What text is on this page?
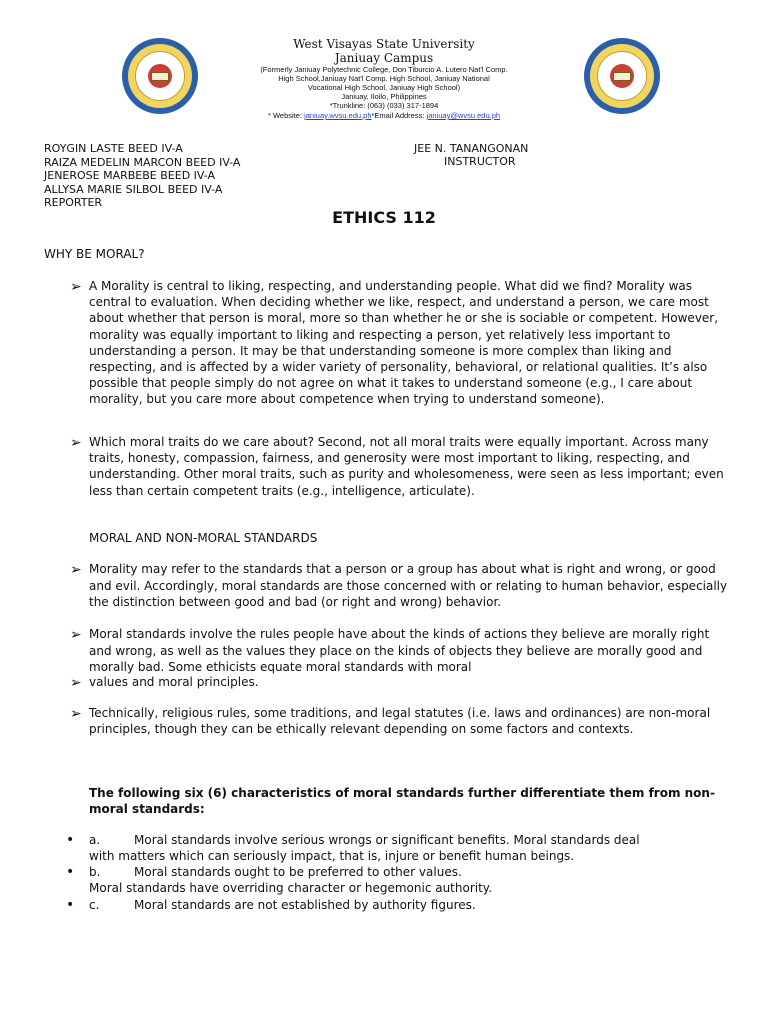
West Visayas State University
Janiuay Campus
(Formerly Janiuay Polytechnic College, Don Tiburcio A. Lutero Nat'l Comp.
High School,Janiuay Nat'l Comp. High School, Janiuay National
Vocational High School, Janiuay High School)
Janiuay, Iloilo, Philippines
*Trunkline: (063) (033) 317-1894
* Website: janiuay.wvsu.edu.ph*Email Address: janiuay@wvsu.edu.ph
ROYGIN LASTE BEED IV-A
RAIZA MEDELIN MARCON BEED IV-A
JENEROSE MARBEBE BEED IV-A
ALLYSA MARIE SILBOL BEED IV-A
REPORTER
JEE N. TANANGONAN
INSTRUCTOR
ETHICS 112
WHY BE MORAL?
➢ A Morality is central to liking, respecting, and understanding people. What did we find? Morality was central to evaluation. When deciding whether we like, respect, and understand a person, we care most about whether that person is moral, more so than whether he or she is sociable or competent. However, morality was equally important to liking and respecting a person, yet relatively less important to understanding a person. It may be that understanding someone is more complex than liking and respecting, and is affected by a wider variety of personality, behavioral, or relational qualities. It’s also possible that people simply do not agree on what it takes to understand someone (e.g., I care about morality, but you care more about competence when trying to understand someone).
➢ Which moral traits do we care about? Second, not all moral traits were equally important. Across many traits, honesty, compassion, fairness, and generosity were most important to liking, respecting, and understanding. Other moral traits, such as purity and wholesomeness, were seen as less important; even less than certain competent traits (e.g., intelligence, articulate).
MORAL AND NON-MORAL STANDARDS
➢ Morality may refer to the standards that a person or a group has about what is right and wrong, or good and evil. Accordingly, moral standards are those concerned with or relating to human behavior, especially the distinction between good and bad (or right and wrong) behavior.
➢ Moral standards involve the rules people have about the kinds of actions they believe are morally right and wrong, as well as the values they place on the kinds of objects they believe are morally good and morally bad. Some ethicists equate moral standards with moral
➢ values and moral principles.
➢ Technically, religious rules, some traditions, and legal statutes (i.e. laws and ordinances) are non-moral principles, though they can be ethically relevant depending on some factors and contexts.
The following six (6) characteristics of moral standards further differentiate them from non-moral standards:
• a.	Moral standards involve serious wrongs or significant benefits. Moral standards deal
with matters which can seriously impact, that is, injure or benefit human beings.
• b.	Moral standards ought to be preferred to other values.
Moral standards have overriding character or hegemonic authority.
• c.	Moral standards are not established by authority figures.
